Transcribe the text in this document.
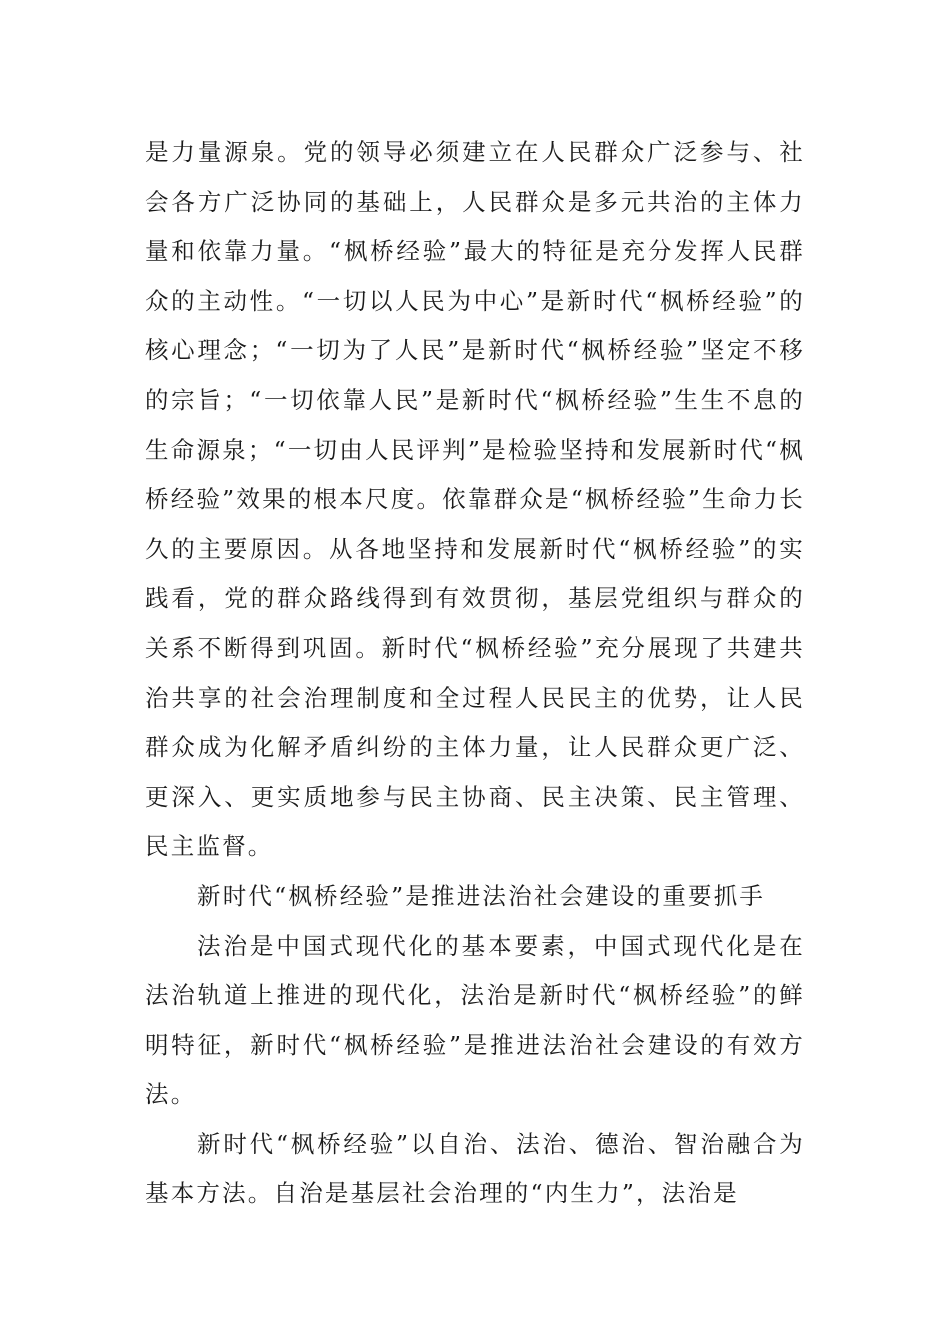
是力量源泉。党的领导必须建立在人民群众广泛参与、社会各方广泛协同的基础上，人民群众是多元共治的主体力量和依靠力量。“枫桥经验”最大的特征是充分发挥人民群众的主动性。“一切以人民为中心”是新时代“枫桥经验”的核心理念；“一切为了人民”是新时代“枫桥经验”坚定不移的宗旨；“一切依靠人民”是新时代“枫桥经验”生生不息的生命源泉；“一切由人民评判”是检验坚持和发展新时代“枫桥经验”效果的根本尺度。依靠群众是“枫桥经验”生命力长久的主要原因。从各地坚持和发展新时代“枫桥经验”的实践看，党的群众路线得到有效贯彻，基层党组织与群众的关系不断得到巩固。新时代“枫桥经验”充分展现了共建共治共享的社会治理制度和全过程人民民主的优势，让人民群众成为化解矛盾纠纷的主体力量，让人民群众更广泛、更深入、更实质地参与民主协商、民主决策、民主管理、民主监督。

新时代“枫桥经验”是推进法治社会建设的重要抓手

法治是中国式现代化的基本要素，中国式现代化是在法治轨道上推进的现代化，法治是新时代“枫桥经验”的鲜明特征，新时代“枫桥经验”是推进法治社会建设的有效方法。

新时代“枫桥经验”以自治、法治、德治、智治融合为基本方法。自治是基层社会治理的“内生力”，法治是
